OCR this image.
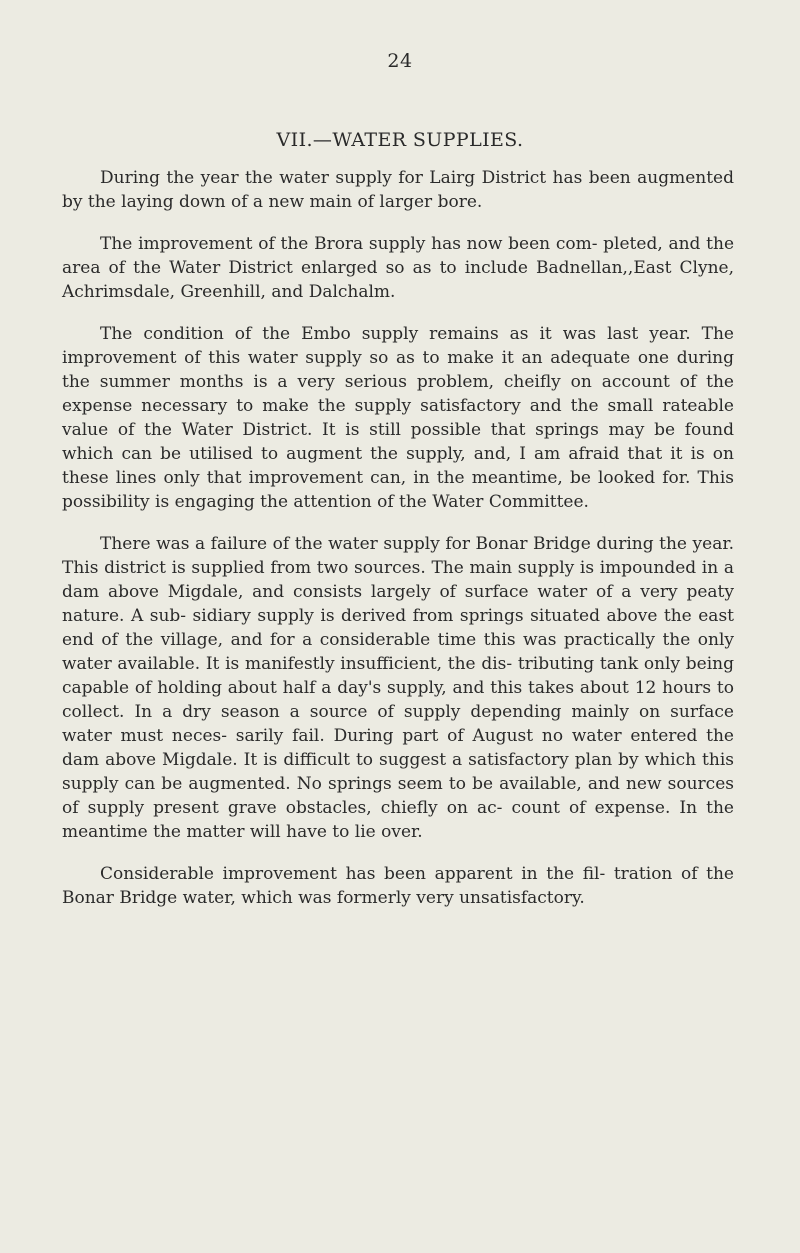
24
VII.—WATER SUPPLIES.

During the year the water supply for Lairg District has been augmented by the laying down of a new main of larger bore.

The improvement of the Brora supply has now been com- pleted, and the area of the Water District enlarged so as to include Badnellan,,East Clyne, Achrimsdale, Greenhill, and Dalchalm.

The condition of the Embo supply remains as it was last year. The improvement of this water supply so as to make it an adequate one during the summer months is a very serious problem, cheifly on account of the expense necessary to make the supply satisfactory and the small rateable value of the Water District. It is still possible that springs may be found which can be utilised to augment the supply, and, I am afraid that it is on these lines only that improvement can, in the meantime, be looked for. This possibility is engaging the attention of the Water Committee.

There was a failure of the water supply for Bonar Bridge during the year. This district is supplied from two sources. The main supply is impounded in a dam above Migdale, and consists largely of surface water of a very peaty nature. A sub- sidiary supply is derived from springs situated above the east end of the village, and for a considerable time this was practically the only water available. It is manifestly insufficient, the dis- tributing tank only being capable of holding about half a day's supply, and this takes about 12 hours to collect. In a dry season a source of supply depending mainly on surface water must neces- sarily fail. During part of August no water entered the dam above Migdale. It is difficult to suggest a satisfactory plan by which this supply can be augmented. No springs seem to be available, and new sources of supply present grave obstacles, chiefly on ac- count of expense. In the meantime the matter will have to lie over.

Considerable improvement has been apparent in the fil- tration of the Bonar Bridge water, which was formerly very unsatisfactory.
